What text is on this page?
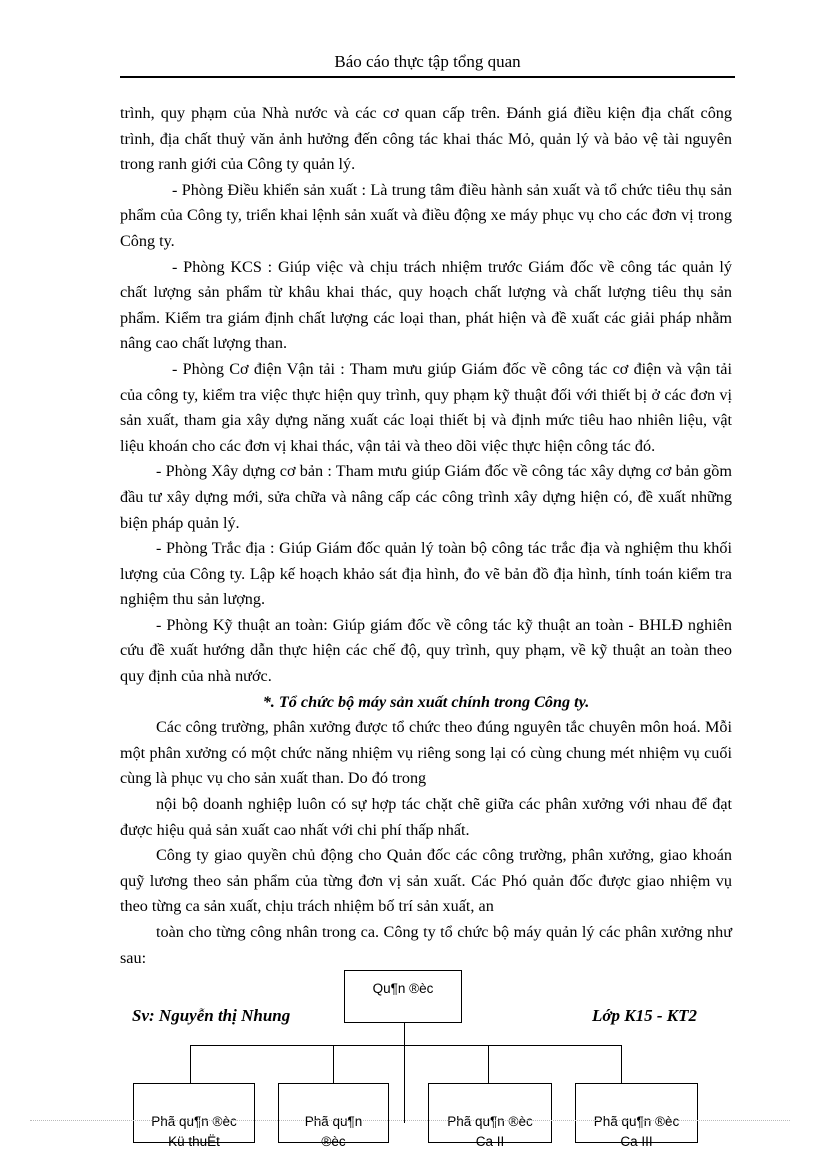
Báo cáo thực tập tổng quan

trình, quy phạm của Nhà nước và các cơ quan cấp trên. Đánh giá điều kiện địa chất công trình, địa chất thuỷ văn ảnh hưởng đến công tác khai thác Mỏ, quản lý và bảo vệ tài nguyên trong ranh giới của Công ty quản lý.

- Phòng Điều khiển sản xuất : Là trung tâm điều hành sản xuất và tổ chức tiêu thụ sản phẩm của Công ty, triển khai lệnh sản xuất và điều động xe máy phục vụ cho các đơn vị trong Công ty.

- Phòng KCS : Giúp việc và chịu trách nhiệm trước Giám đốc về công tác quản lý chất lượng sản phẩm từ khâu khai thác, quy hoạch chất lượng và chất lượng tiêu thụ sản phẩm. Kiểm tra giám định chất lượng các loại than, phát hiện và đề xuất các giải pháp nhằm nâng cao chất lượng than.

- Phòng Cơ điện Vận tải : Tham mưu giúp Giám đốc về công tác cơ điện và vận tải của công ty, kiểm tra việc thực hiện quy trình, quy phạm kỹ thuật đối với thiết bị ở các đơn vị sản xuất, tham gia xây dựng năng xuất các loại thiết bị và định mức tiêu hao nhiên liệu, vật liệu khoán cho các đơn vị khai thác, vận tải và theo dõi việc thực hiện công tác đó.

- Phòng Xây dựng cơ bản : Tham mưu giúp Giám đốc về công tác xây dựng cơ bản gồm đầu tư xây dựng mới, sửa chữa và nâng cấp các công trình xây dựng hiện có, đề xuất những biện pháp quản lý.

- Phòng Trắc địa : Giúp Giám đốc quản lý toàn bộ công tác trắc địa và nghiệm thu khối lượng của Công ty. Lập kế hoạch khảo sát địa hình, đo vẽ bản đồ địa hình, tính toán kiểm tra nghiệm thu sản lượng.

- Phòng Kỹ thuật an toàn: Giúp giám đốc về công tác kỹ thuật an toàn - BHLĐ nghiên cứu đề xuất hướng dẫn thực hiện các chế độ, quy trình, quy phạm, về kỹ thuật an toàn theo quy định của nhà nước.

*. Tổ chức bộ máy sản xuất chính trong Công ty.

Các công trường, phân xưởng được tổ chức theo đúng nguyên tắc chuyên môn hoá. Mỗi một phân xưởng có một chức năng nhiệm vụ riêng song lại có cùng chung mét nhiệm vụ cuối cùng là phục vụ cho sản xuất than. Do đó trong

nội bộ doanh nghiệp luôn có sự hợp tác chặt chẽ giữa các phân xưởng với nhau để đạt được hiệu quả sản xuất cao nhất với chi phí thấp nhất.

Công ty giao quyền chủ động cho Quản đốc các công trường, phân xưởng, giao khoán quỹ lương theo sản phẩm của từng đơn vị sản xuất. Các Phó quản đốc được giao nhiệm vụ theo từng ca sản xuất, chịu trách nhiệm bố trí sản xuất, an

toàn cho từng công nhân trong ca. Công ty tổ chức bộ máy quản lý các phân xưởng như sau:

Sv: Nguyễn thị Nhung	Lớp K15 - KT2
Qu¶n ®èc

Phã qu¶n ®èc
Kü thuËt

Phã qu¶n
®èc

Phã qu¶n ®èc
Ca II

Phã qu¶n ®èc
Ca III
